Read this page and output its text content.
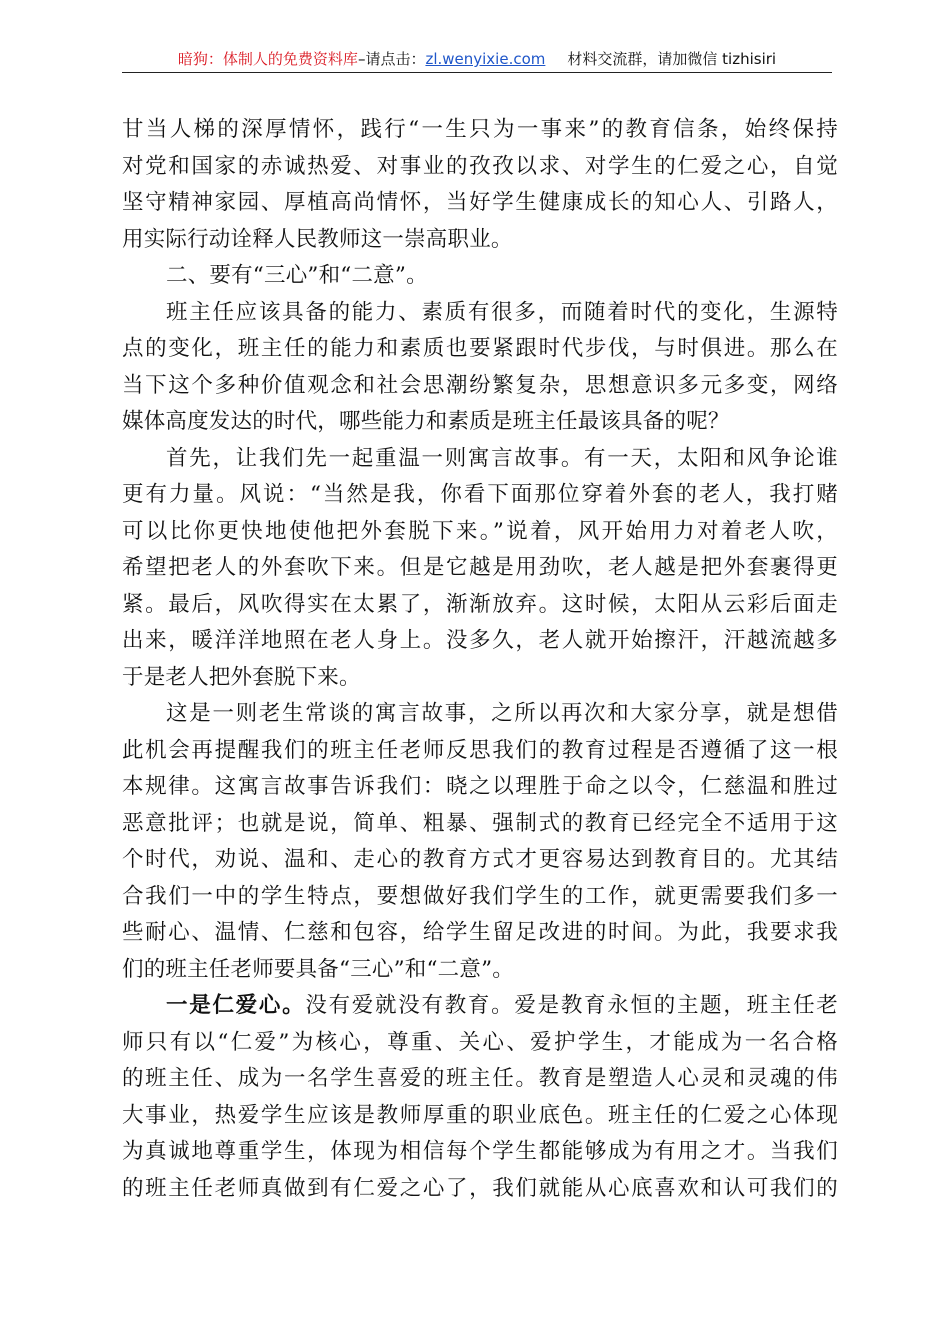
暗狗：体制人的免费资料库–请点击：zl.wenyixie.com 材料交流群，请加微信 tizhisiri
甘当人梯的深厚情怀，践行“一生只为一事来”的教育信条，始终保持
对党和国家的赤诚热爱、对事业的孜孜以求、对学生的仁爱之心，自觉
坚守精神家园、厚植高尚情怀，当好学生健康成长的知心人、引路人，
用实际行动诠释人民教师这一崇高职业。
二、要有“三心”和“二意”。
班主任应该具备的能力、素质有很多，而随着时代的变化，生源特
点的变化，班主任的能力和素质也要紧跟时代步伐，与时俱进。那么在
当下这个多种价值观念和社会思潮纷繁复杂，思想意识多元多变，网络
媒体高度发达的时代，哪些能力和素质是班主任最该具备的呢？
首先，让我们先一起重温一则寓言故事。有一天，太阳和风争论谁
更有力量。风说：“当然是我，你看下面那位穿着外套的老人，我打赌
可以比你更快地使他把外套脱下来。”说着，风开始用力对着老人吹，
希望把老人的外套吹下来。但是它越是用劲吹，老人越是把外套裹得更
紧。最后，风吹得实在太累了，渐渐放弃。这时候，太阳从云彩后面走
出来，暖洋洋地照在老人身上。没多久，老人就开始擦汗，汗越流越多
于是老人把外套脱下来。
这是一则老生常谈的寓言故事，之所以再次和大家分享，就是想借
此机会再提醒我们的班主任老师反思我们的教育过程是否遵循了这一根
本规律。这寓言故事告诉我们：晓之以理胜于命之以令，仁慈温和胜过
恶意批评；也就是说，简单、粗暴、强制式的教育已经完全不适用于这
个时代，劝说、温和、走心的教育方式才更容易达到教育目的。尤其结
合我们一中的学生特点，要想做好我们学生的工作，就更需要我们多一
些耐心、温情、仁慈和包容，给学生留足改进的时间。为此，我要求我
们的班主任老师要具备“三心”和“二意”。
一是仁爱心。没有爱就没有教育。爱是教育永恒的主题，班主任老
师只有以“仁爱”为核心，尊重、关心、爱护学生，才能成为一名合格
的班主任、成为一名学生喜爱的班主任。教育是塑造人心灵和灵魂的伟
大事业，热爱学生应该是教师厚重的职业底色。班主任的仁爱之心体现
为真诚地尊重学生，体现为相信每个学生都能够成为有用之才。当我们
的班主任老师真做到有仁爱之心了，我们就能从心底喜欢和认可我们的
